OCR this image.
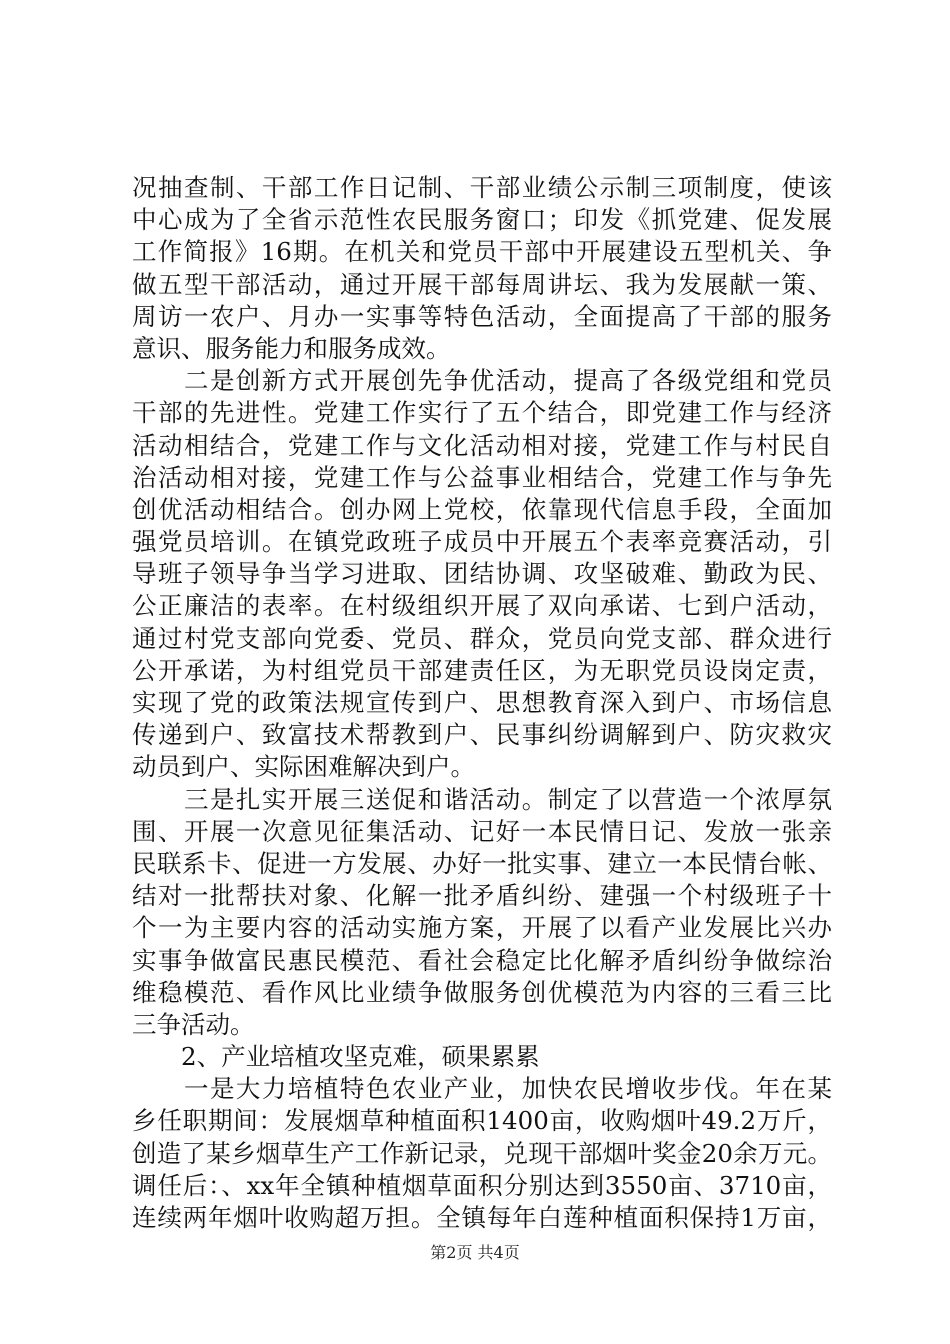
况抽查制、干部工作日记制、干部业绩公示制三项制度，使该
中心成为了全省示范性农民服务窗口；印发《抓党建、促发展
工作简报》16期。在机关和党员干部中开展建设五型机关、争
做五型干部活动，通过开展干部每周讲坛、我为发展献一策、
周访一农户、月办一实事等特色活动，全面提高了干部的服务
意识、服务能力和服务成效。
　　二是创新方式开展创先争优活动，提高了各级党组和党员
干部的先进性。党建工作实行了五个结合，即党建工作与经济
活动相结合，党建工作与文化活动相对接，党建工作与村民自
治活动相对接，党建工作与公益事业相结合，党建工作与争先
创优活动相结合。创办网上党校，依靠现代信息手段，全面加
强党员培训。在镇党政班子成员中开展五个表率竞赛活动，引
导班子领导争当学习进取、团结协调、攻坚破难、勤政为民、
公正廉洁的表率。在村级组织开展了双向承诺、七到户活动，
通过村党支部向党委、党员、群众，党员向党支部、群众进行
公开承诺，为村组党员干部建责任区，为无职党员设岗定责，
实现了党的政策法规宣传到户、思想教育深入到户、市场信息
传递到户、致富技术帮教到户、民事纠纷调解到户、防灾救灾
动员到户、实际困难解决到户。
　　三是扎实开展三送促和谐活动。制定了以营造一个浓厚氛
围、开展一次意见征集活动、记好一本民情日记、发放一张亲
民联系卡、促进一方发展、办好一批实事、建立一本民情台帐、
结对一批帮扶对象、化解一批矛盾纠纷、建强一个村级班子十
个一为主要内容的活动实施方案，开展了以看产业发展比兴办
实事争做富民惠民模范、看社会稳定比化解矛盾纠纷争做综治
维稳模范、看作风比业绩争做服务创优模范为内容的三看三比
三争活动。
　　2、产业培植攻坚克难，硕果累累
　　一是大力培植特色农业产业，加快农民增收步伐。年在某
乡任职期间：发展烟草种植面积1400亩，收购烟叶49.2万斤，
创造了某乡烟草生产工作新记录，兑现干部烟叶奖金20余万元。
调任后：、xx年全镇种植烟草面积分别达到3550亩、3710亩，
连续两年烟叶收购超万担。全镇每年白莲种植面积保持1万亩，
第2页 共4页
